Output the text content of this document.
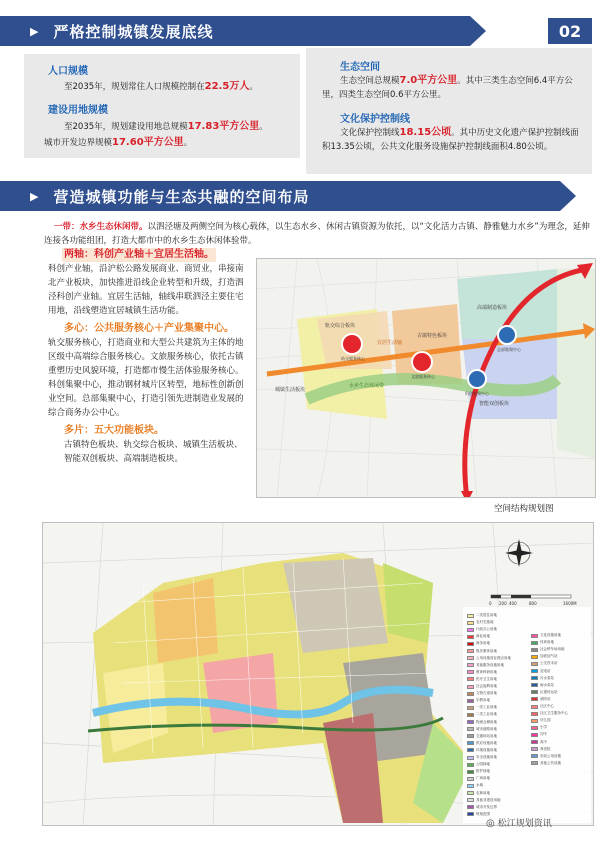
▶ 严格控制城镇发展底线	02
人口规模
至2035年，规划常住人口规模控制在22.5万人。
建设用地规模
至2035年，规划建设用地总规模17.83平方公里。
城市开发边界规模17.60平方公里。
生态空间
生态空间总规模7.0平方公里。其中三类生态空间6.4平方公里，四类生态空间0.6平方公里。
文化保护控制线
文化保护控制线18.15公顷。其中历史文化遗产保护控制线面积13.35公顷，公共文化服务设施保护控制线面积4.80公顷。
▶ 营造城镇功能与生态共融的空间布局
一带：水乡生态休闲带。以泗泾塘及两侧空间为核心载体，以生态水乡、休闲古镇资源为依托，以“文化活力古镇、静雅魅力水乡”为理念，延伸连接各功能组团，打造大都市中的水乡生态休闲体验带。
两轴：科创产业轴＋宜居生活轴。
科创产业轴，沿沪松公路发展商业、商贸业，串接南北产业板块，加快推进沿线企业转型和升级，打造泗泾科创产业轴。宜居生活轴，轴线串联泗泾主要住宅用地，沿线塑造宜居城镇生活功能。
多心：公共服务核心＋产业集聚中心。
轨交服务核心，打造商业和大型公共建筑为主体的地区级中高端综合服务核心。文旅服务核心，依托古镇重塑历史风貌环境，打造都市慢生活体验服务核心。科创集聚中心，推动钢材城片区转型，地标性创新创业空间。总部集聚中心，打造引领先进制造业发展的综合商务办公中心。
多片：五大功能板块。
古镇特色板块、轨交综合板块、城镇生活板块、智能双创板块、高端制造板块。
轨交综合板块
古镇特色板块
高端制造板块
城镇生活板块
智能双创板块
宜居生活轴
水乡生态休闲带
轨交服务核心
文旅服务核心
总部集聚中心
科创集聚中心
空间结构规划图
0 200 400	800	1600M
二类居住用地
农村宅基地
行政办公用地
商业用地
商务用地
娱乐康体用地
公用设施营业网点用地
其他服务设施用地
教育科研用地
医疗卫生用地
社会福利用地
文物古迹用地
宗教用地
一类工业用地
二类工业用地
物流仓储用地
城市道路用地
交通场站用地
供应设施用地
环境设施用地
安全设施用地
公园绿地
防护绿地
广场用地
水域
农林用地
其他非建设用地
城市开发边界
规划范围
文化设施用地
体育用地
社会停车场用地
加油加气站
公交首末站
变电站
污水泵站
雨水泵站
垃圾转运站
消防站
社区中心
社区卫生服务中心
幼儿园
小学
初中
高中
养老院
市政公用设施
其他公共设施
◎ 松江规划资讯
